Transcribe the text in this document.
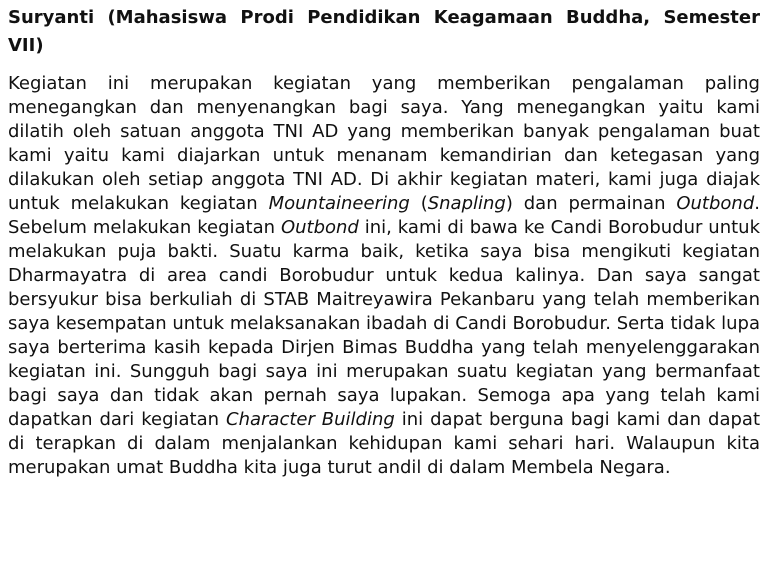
Suryanti (Mahasiswa Prodi Pendidikan Keagamaan Buddha, Semester VII)

Kegiatan ini merupakan kegiatan yang memberikan pengalaman paling menegangkan dan menyenangkan bagi saya. Yang menegangkan yaitu kami dilatih oleh satuan anggota TNI AD yang memberikan banyak pengalaman buat kami yaitu kami diajarkan untuk menanam kemandirian dan ketegasan yang dilakukan oleh setiap anggota TNI AD. Di akhir kegiatan materi, kami juga diajak untuk melakukan kegiatan Mountaineering (Snapling) dan permainan Outbond. Sebelum melakukan kegiatan Outbond ini, kami di bawa ke Candi Borobudur untuk melakukan puja bakti. Suatu karma baik, ketika saya bisa mengikuti kegiatan Dharmayatra di area candi Borobudur untuk kedua kalinya. Dan saya sangat bersyukur bisa berkuliah di STAB Maitreyawira Pekanbaru yang telah memberikan saya kesempatan untuk melaksanakan ibadah di Candi Borobudur. Serta tidak lupa saya berterima kasih kepada Dirjen Bimas Buddha yang telah menyelenggarakan kegiatan ini. Sungguh bagi saya ini merupakan suatu kegiatan yang bermanfaat bagi saya dan tidak akan pernah saya lupakan. Semoga apa yang telah kami dapatkan dari kegiatan Character Building ini dapat berguna bagi kami dan dapat di terapkan di dalam menjalankan kehidupan kami sehari hari. Walaupun kita merupakan umat Buddha kita juga turut andil di dalam Membela Negara.
